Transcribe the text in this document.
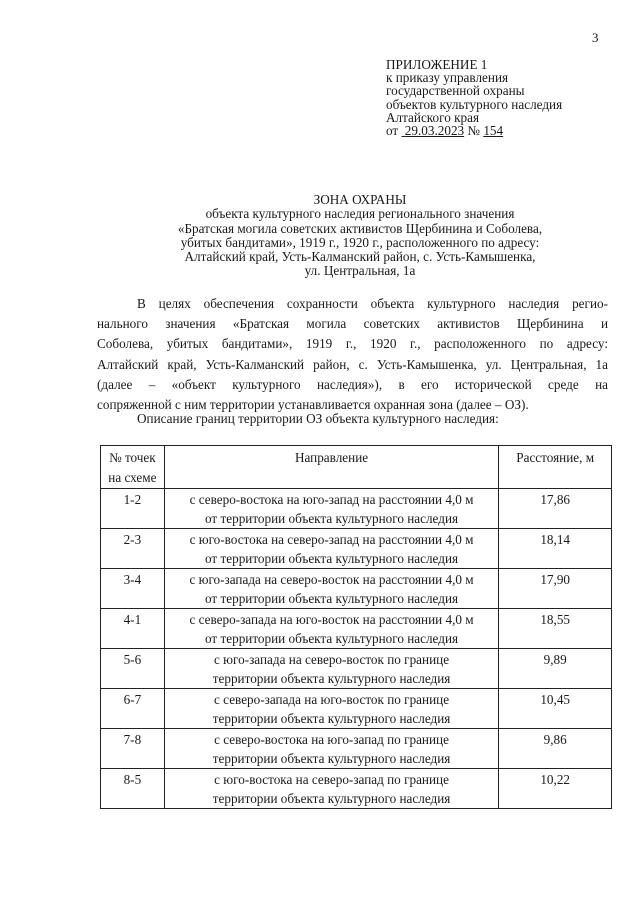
3
ПРИЛОЖЕНИЕ 1
к приказу управления
государственной охраны
объектов культурного наследия
Алтайского края
от 29.03.2023 № 154
ЗОНА ОХРАНЫ
объекта культурного наследия регионального значения
«Братская могила советских активистов Щербинина и Соболева,
убитых бандитами», 1919 г., 1920 г., расположенного по адресу:
Алтайский край, Усть-Калманский район, с. Усть-Камышенка,
ул. Центральная, 1а
В целях обеспечения сохранности объекта культурного наследия регио-
нального значения «Братская могила советских активистов Щербинина и
Соболева, убитых бандитами», 1919 г., 1920 г., расположенного по адресу:
Алтайский край, Усть-Калманский район, с. Усть-Камышенка, ул. Центральная, 1а
(далее – «объект культурного наследия»), в его исторической среде на
сопряженной с ним территории устанавливается охранная зона (далее – ОЗ).
Описание границ территории ОЗ объекта культурного наследия:
№ точек
на схеме	Направление	Расстояние, м
1-2	с северо-востока на юго-запад на расстоянии 4,0 м
от территории объекта культурного наследия	17,86
2-3	с юго-востока на северо-запад на расстоянии 4,0 м
от территории объекта культурного наследия	18,14
3-4	с юго-запада на северо-восток на расстоянии 4,0 м
от территории объекта культурного наследия	17,90
4-1	с северо-запада на юго-восток на расстоянии 4,0 м
от территории объекта культурного наследия	18,55
5-6	с юго-запада на северо-восток по границе
территории объекта культурного наследия	9,89
6-7	с северо-запада на юго-восток по границе
территории объекта культурного наследия	10,45
7-8	с северо-востока на юго-запад по границе
территории объекта культурного наследия	9,86
8-5	с юго-востока на северо-запад по границе
территории объекта культурного наследия	10,22
